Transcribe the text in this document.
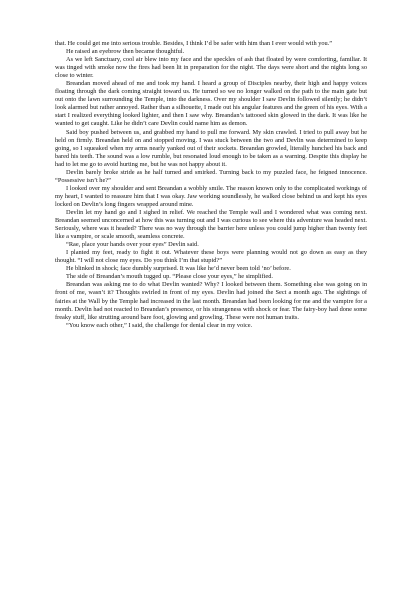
that. He could get me into serious trouble. Besides, I think I’d be safer with him than I ever would with you.”

He raised an eyebrow then became thoughtful.

As we left Sanctuary, cool air blew into my face and the speckles of ash that floated by were comforting, familiar. It was tinged with smoke now the fires had been lit in preparation for the night. The days were short and the nights long so close to winter.

Breandan moved ahead of me and took my hand. I heard a group of Disciples nearby, their high and happy voices floating through the dark coming straight toward us. He turned so we no longer walked on the path to the main gate but out onto the lawn surrounding the Temple, into the darkness. Over my shoulder I saw Devlin followed silently; he didn’t look alarmed but rather annoyed. Rather than a silhouette, I made out his angular features and the green of his eyes. With a start I realized everything looked lighter, and then I saw why. Breandan’s tattooed skin glowed in the dark. It was like he wanted to get caught. Like he didn’t care Devlin could name him as demon.

Said boy pushed between us, and grabbed my hand to pull me forward. My skin crawled. I tried to pull away but he held on firmly. Breandan held on and stopped moving. I was stuck between the two and Devlin was determined to keep going, so I squeaked when my arms nearly yanked out of their sockets. Breandan growled, literally hunched his back and bared his teeth. The sound was a low rumble, but resonated loud enough to be taken as a warning. Despite this display he had to let me go to avoid hurting me, but he was not happy about it.

Devlin barely broke stride as he half turned and smirked. Turning back to my puzzled face, he feigned innocence. “Possessive isn’t he?”

I looked over my shoulder and sent Breandan a wobbly smile. The reason known only to the complicated workings of my heart, I wanted to reassure him that I was okay. Jaw working soundlessly, he walked close behind us and kept his eyes locked on Devlin’s long fingers wrapped around mine.

Devlin let my hand go and I sighed in relief. We reached the Temple wall and I wondered what was coming next. Breandan seemed unconcerned at how this was turning out and I was curious to see where this adventure was headed next. Seriously, where was it headed? There was no way through the barrier here unless you could jump higher than twenty feet like a vampire, or scale smooth, seamless concrete.

“Rae, place your hands over your eyes” Devlin said.

I planted my feet, ready to fight it out. Whatever these boys were planning would not go down as easy as they thought. “I will not close my eyes. Do you think I’m that stupid?”

He blinked in shock; face dumbly surprised. It was like he’d never been told ‘no’ before.

The side of Breandan’s mouth tugged up. “Please close your eyes,” he simplified.

Breandan was asking me to do what Devlin wanted? Why? I looked between them. Something else was going on in front of me, wasn’t it? Thoughts swirled in front of my eyes. Devlin had joined the Sect a month ago. The sightings of fairies at the Wall by the Temple had increased in the last month. Breandan had been looking for me and the vampire for a month. Devlin had not reacted to Breandan’s presence, or his strangeness with shock or fear. The fairy-boy had done some freaky stuff, like strutting around bare foot, glowing and growling. These were not human traits.

“You know each other,” I said, the challenge for denial clear in my voice.
